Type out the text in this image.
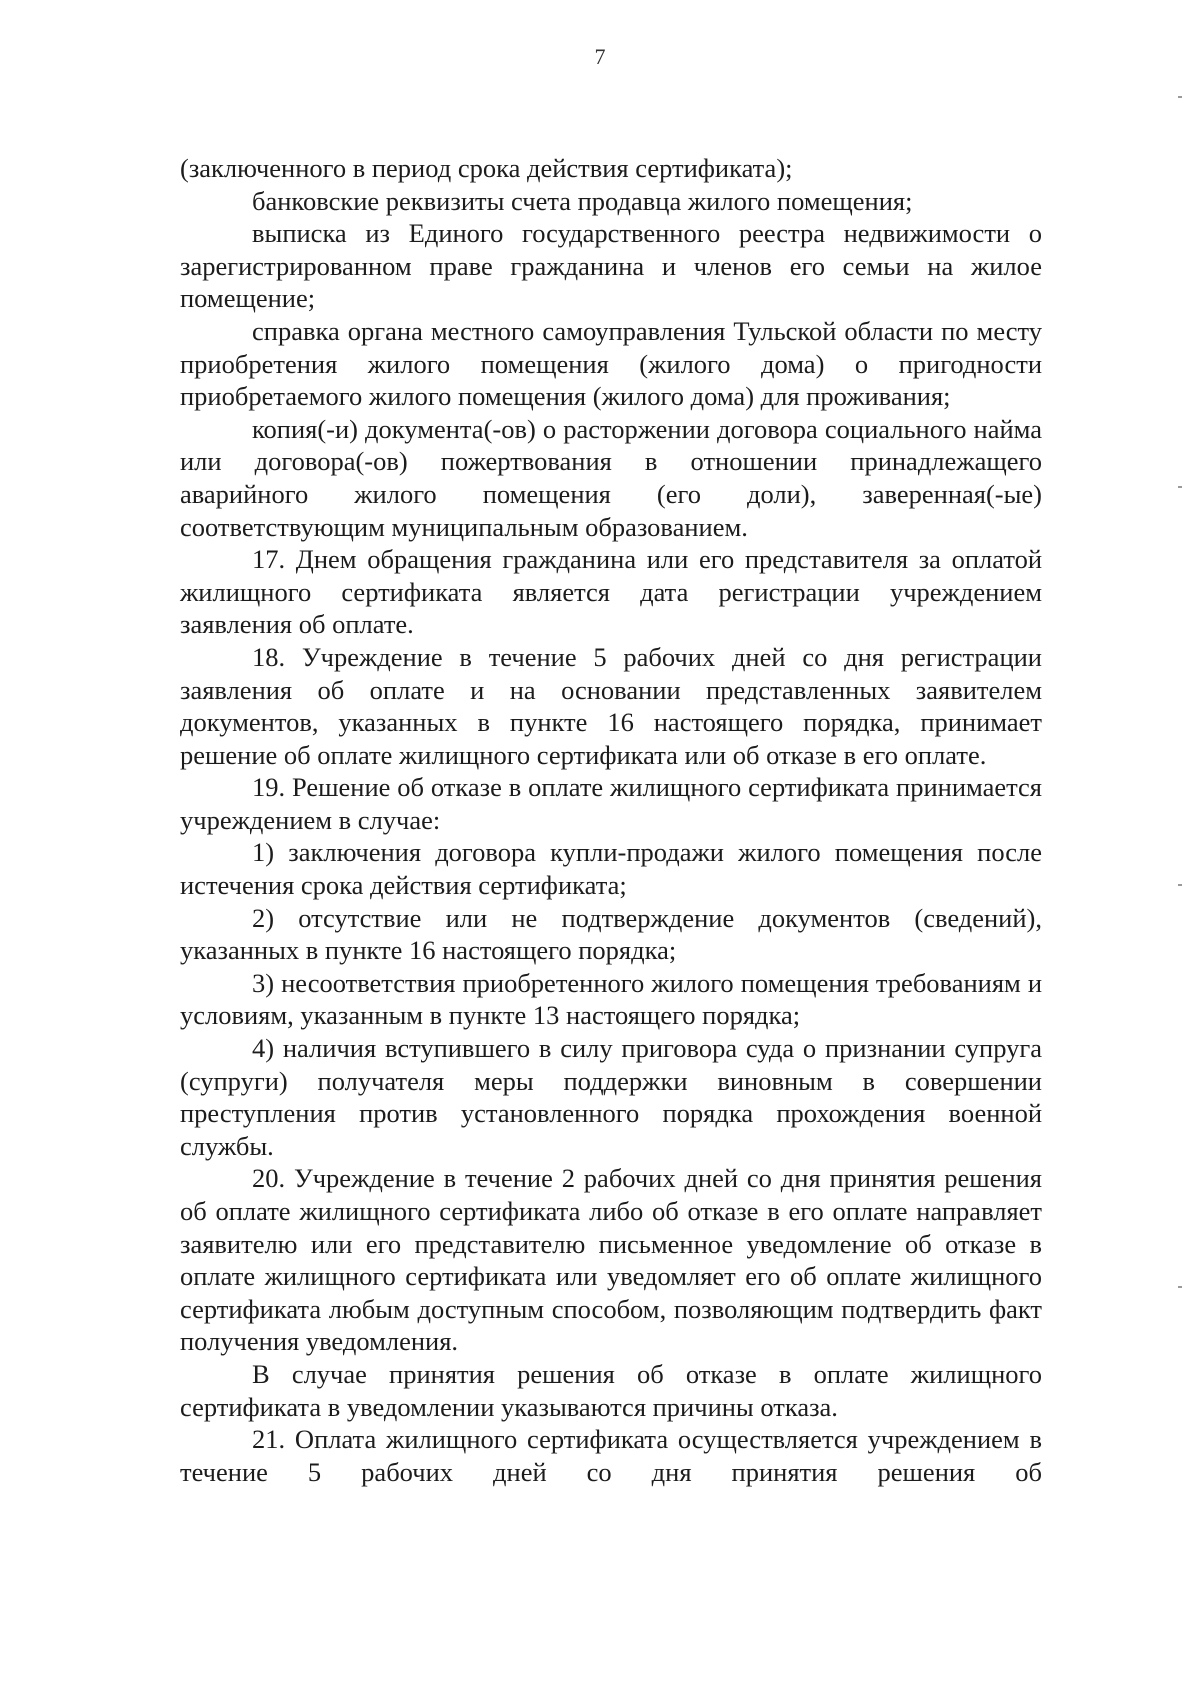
7

(заключенного в период срока действия сертификата);

банковские реквизиты счета продавца жилого помещения;

выписка из Единого государственного реестра недвижимости о зарегистрированном праве гражданина и членов его семьи на жилое помещение;

справка органа местного самоуправления Тульской области по месту приобретения жилого помещения (жилого дома) о пригодности приобретаемого жилого помещения (жилого дома) для проживания;

копия(-и) документа(-ов) о расторжении договора социального найма или договора(-ов) пожертвования в отношении принадлежащего аварийного жилого помещения (его доли), заверенная(-ые) соответствующим муниципальным образованием.

17. Днем обращения гражданина или его представителя за оплатой жилищного сертификата является дата регистрации учреждением заявления об оплате.

18. Учреждение в течение 5 рабочих дней со дня регистрации заявления об оплате и на основании представленных заявителем документов, указанных в пункте 16 настоящего порядка, принимает решение об оплате жилищного сертификата или об отказе в его оплате.

19. Решение об отказе в оплате жилищного сертификата принимается учреждением в случае:

1) заключения договора купли-продажи жилого помещения после истечения срока действия сертификата;

2) отсутствие или не подтверждение документов (сведений), указанных в пункте 16 настоящего порядка;

3) несоответствия приобретенного жилого помещения требованиям и условиям, указанным в пункте 13 настоящего порядка;

4) наличия вступившего в силу приговора суда о признании супруга (супруги) получателя меры поддержки виновным в совершении преступления против установленного порядка прохождения военной службы.

20. Учреждение в течение 2 рабочих дней со дня принятия решения об оплате жилищного сертификата либо об отказе в его оплате направляет заявителю или его представителю письменное уведомление об отказе в оплате жилищного сертификата или уведомляет его об оплате жилищного сертификата любым доступным способом, позволяющим подтвердить факт получения уведомления.

В случае принятия решения об отказе в оплате жилищного сертификата в уведомлении указываются причины отказа.

21. Оплата жилищного сертификата осуществляется учреждением в течение 5 рабочих дней со дня принятия решения об
